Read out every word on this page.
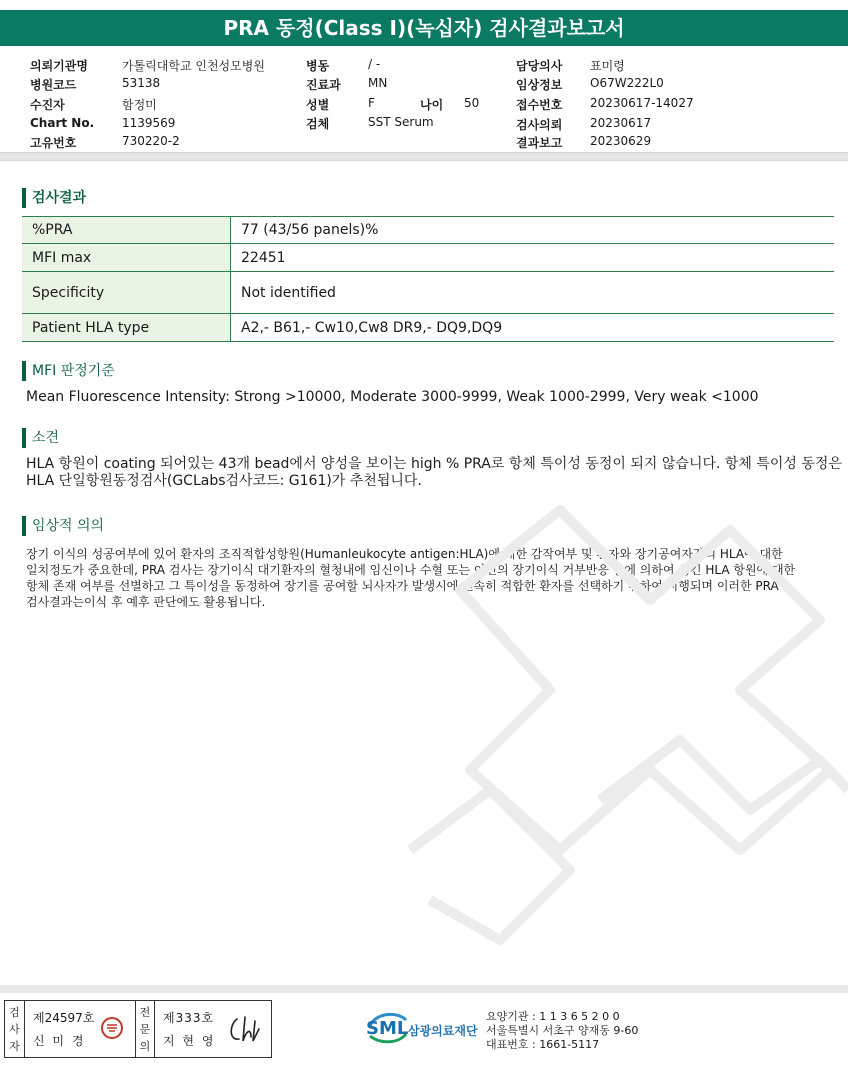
PRA 동정(Class I)(녹십자) 검사결과보고서
의뢰기관명	가톨릭대학교 인천성모병원
병원코드	53138
수진자	함정미
Chart No. 1139569
고유번호	730220-2
병동	/ -
진료과 MN
성별	F
검체	SST Serum
담당의사 표미령
임상정보 O67W222L0
접수번호 20230617-14027
검사의뢰 20230617
결과보고 20230629
나이 50
검사결과
%PRA	77 (43/56 panels)%
MFI max	22451
Specificity	Not identified
Patient HLA type	A2,- B61,- Cw10,Cw8 DR9,- DQ9,DQ9
MFI 판정기준
Mean Fluorescence Intensity: Strong >10000, Moderate 3000-9999, Weak 1000-2999, Very weak <1000
소견
HLA 항원이 coating 되어있는 43개 bead에서 양성을 보이는 high % PRA로 항체 특이성 동정이 되지 않습니다. 항체 특이성 동정은
HLA 단일항원동정검사(GCLabs검사코드: G161)가 추천됩니다.
임상적 의의
장기 이식의 성공여부에 있어 환자의 조직적합성항원(Humanleukocyte antigen:HLA)에 대한 감작여부 및 환자와 장기공여자간의 HLA에 대한
일치정도가 중요한데, PRA 검사는 장기이식 대기환자의 혈청내에 임신이나 수혈 또는 이전의 장기이식 거부반응 등에 의하여 생긴 HLA 항원에 대한
항체 존재 여부를 선별하고 그 특이성을 동정하여 장기를 공여할 뇌사자가 발생시에 신속히 적합한 환자를 선택하기 위하여 시행되며 이러한 PRA
검사결과는이식 후 예후 판단에도 활용됩니다.
검
사
자
제24597호
신 미 경
전
문
의
제333호
지 현 영
SML 삼광의료재단
요양기관 : 1 1 3 6 5 2 0 0
서울특별시 서초구 양재동 9-60
대표번호 : 1661-5117
